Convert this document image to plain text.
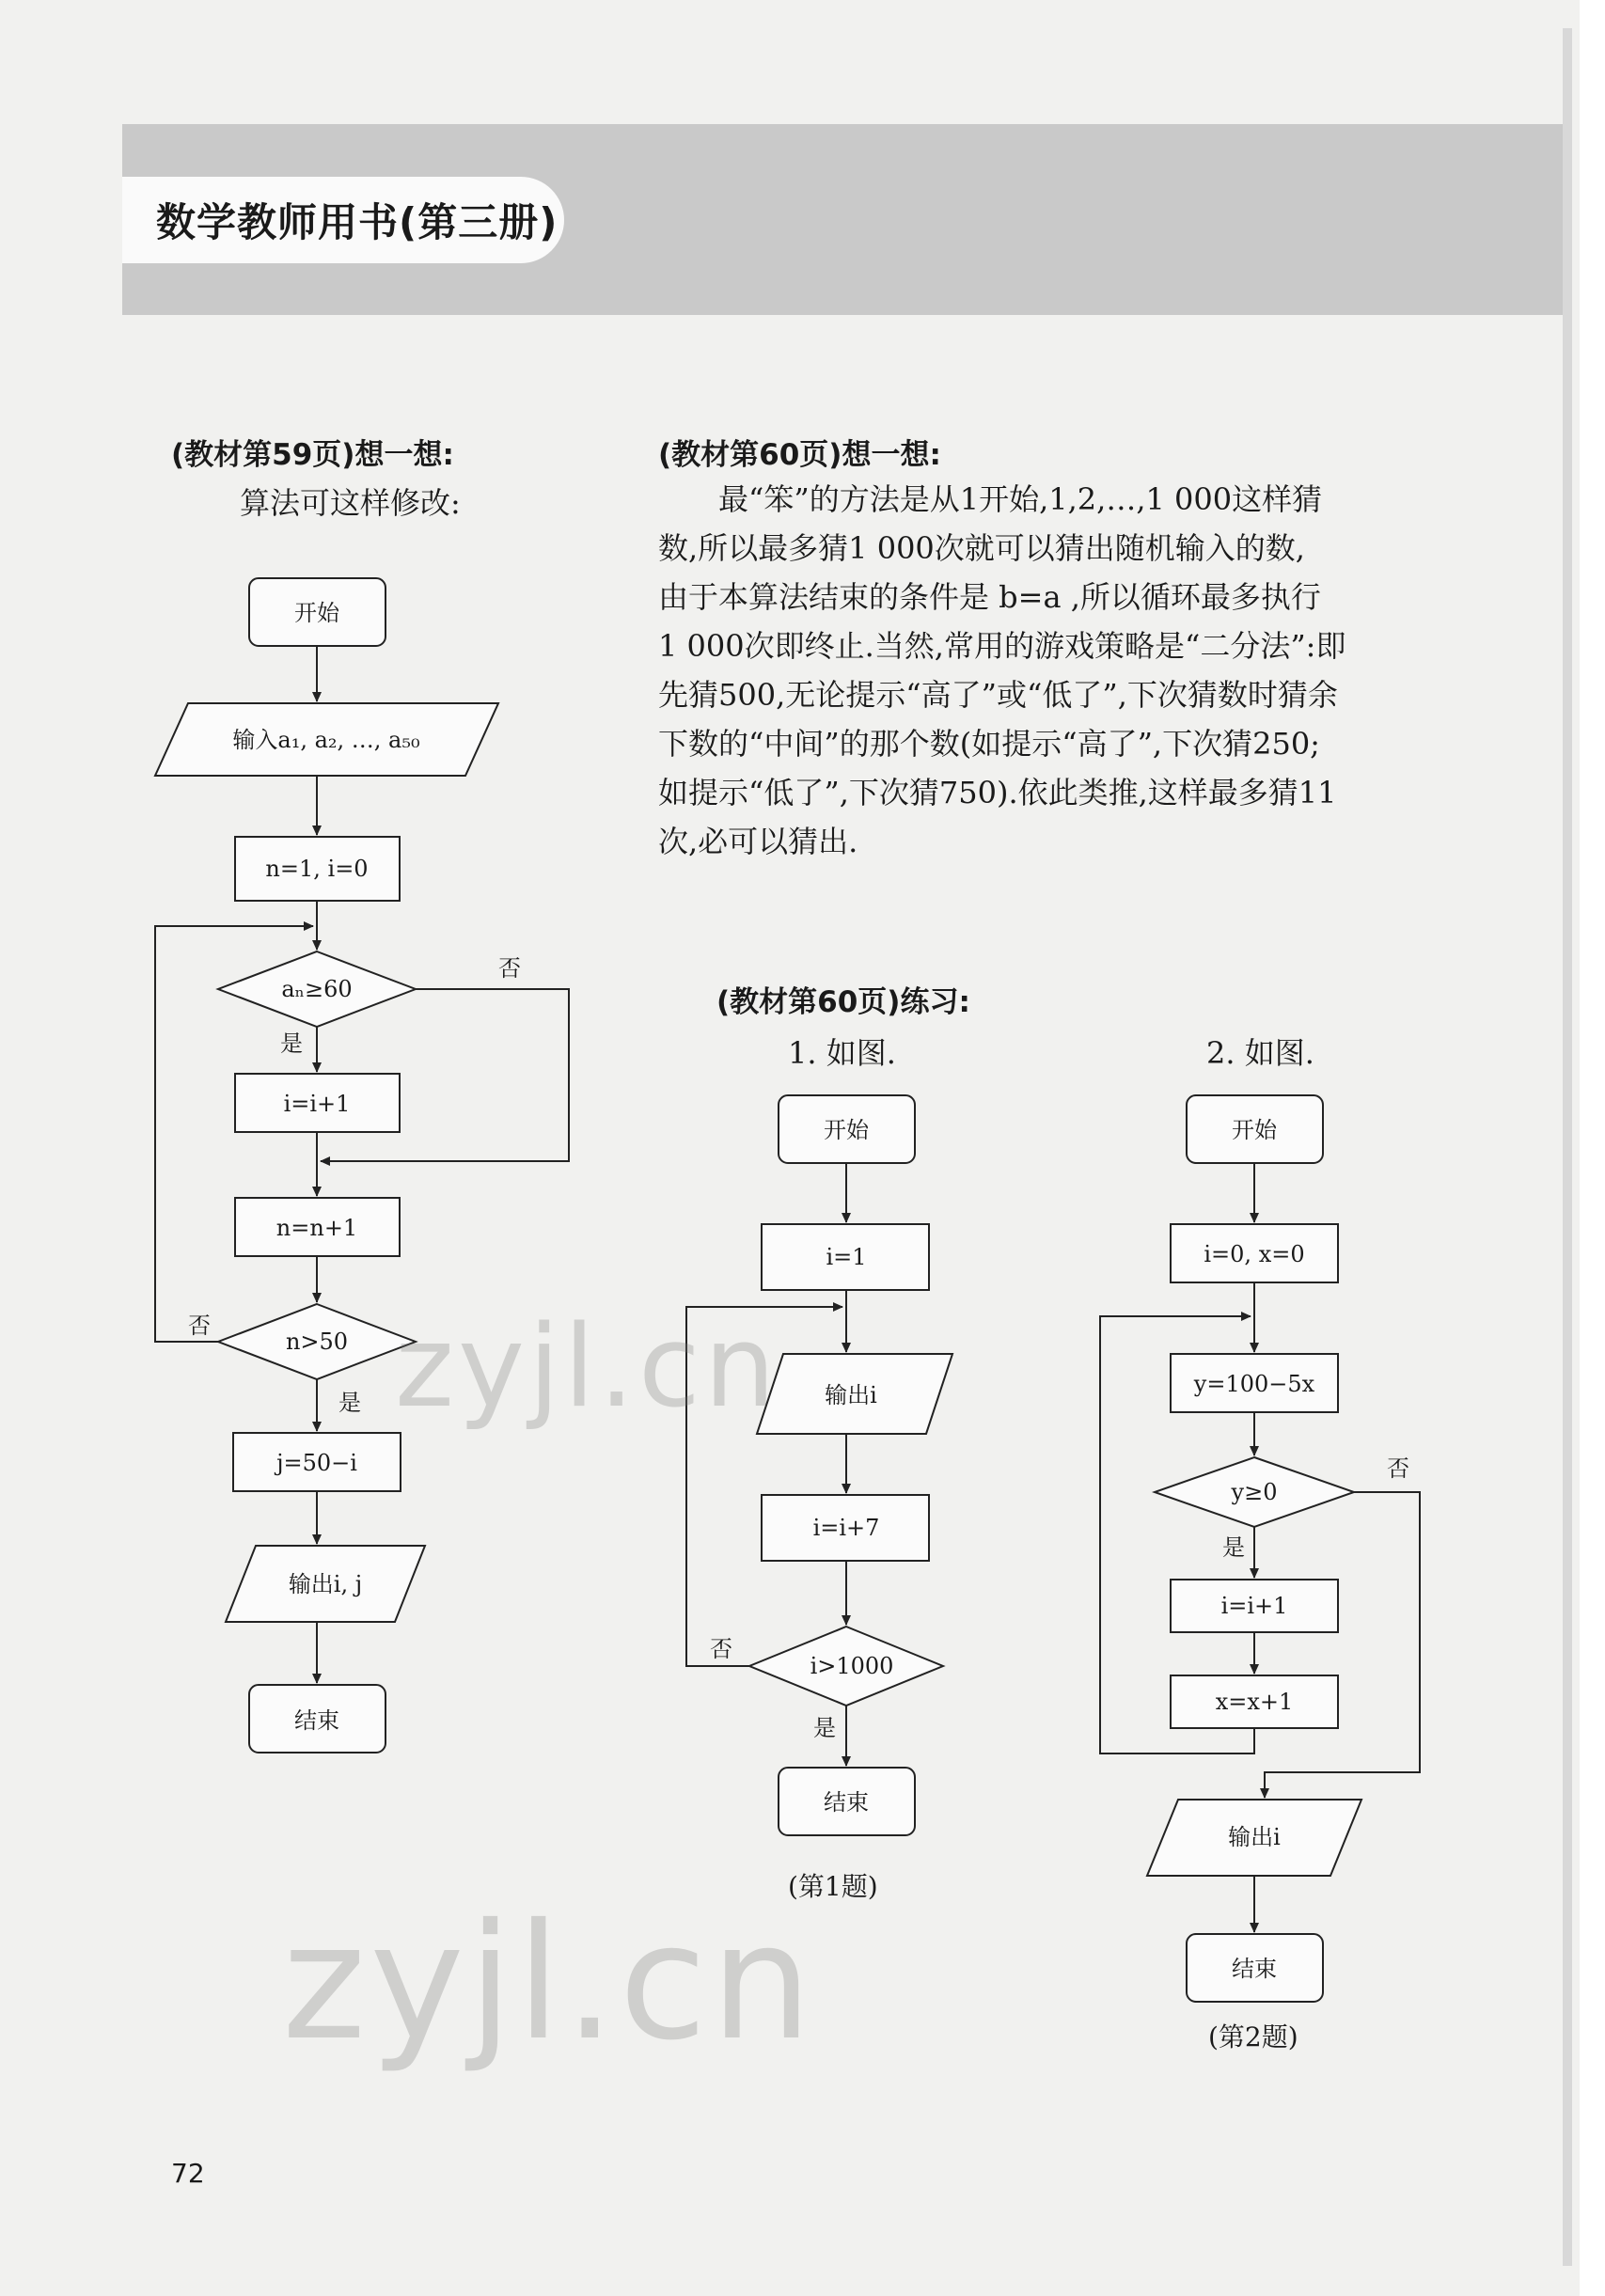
数学教师用书(第三册)
(教材第59页)想一想:
算法可这样修改:
(教材第60页)想一想:
最“笨”的方法是从1开始,1,2,…,1 000这样猜
数,所以最多猜1 000次就可以猜出随机输入的数,
由于本算法结束的条件是 b=a ,所以循环最多执行
1 000次即终止.当然,常用的游戏策略是“二分法”:即
先猜500,无论提示“高了”或“低了”,下次猜数时猜余
下数的“中间”的那个数(如提示“高了”,下次猜250;
如提示“低了”,下次猜750).依此类推,这样最多猜11
次,必可以猜出.
(教材第60页)练习:
1. 如图.	2. 如图.
开始
输入a₁, a₂, …, a₅₀
n=1, i=0
aₙ≥60
否
是
i=i+1
n=n+1
n>50
否
是
j=50−i
输出i, j
结束
开始
i=1
输出i
i=i+7
i>1000
否
是
结束
开始
i=0, x=0
y=100−5x
y≥0
否
是
i=i+1
x=x+1
输出i
结束
(第1题)
(第2题)
zyjl.cn
zyjl.cn
72
